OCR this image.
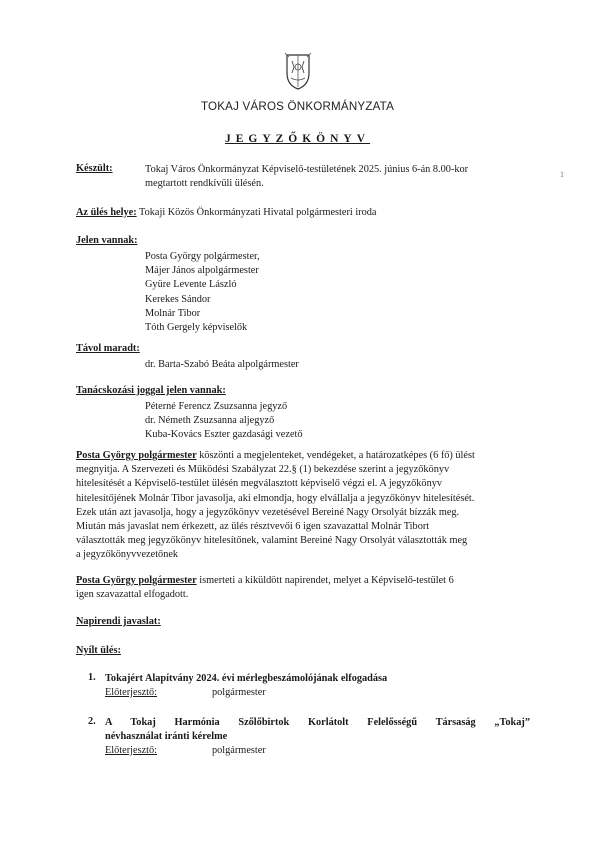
TOKAJ VÁROS ÖNKORMÁNYZATA
JEGYZŐKÖNYV
Készült:	Tokaj Város Önkormányzat Képviselő-testületének 2025. június 6-án 8.00-kor
megtartott rendkívüli ülésén.
1
Az ülés helye: Tokaji Közös Önkormányzati Hivatal polgármesteri iroda
Jelen vannak:
Posta György polgármester,
Májer János alpolgármester
Gyüre Levente László
Kerekes Sándor
Molnár Tibor
Tóth Gergely képviselők
Távol maradt:
dr. Barta-Szabó Beáta alpolgármester
Tanácskozási joggal jelen vannak:
Péterné Ferencz Zsuzsanna jegyző
dr. Németh Zsuzsanna aljegyző
Kuba-Kovács Eszter gazdasági vezető
Posta György polgármester köszönti a megjelenteket, vendégeket, a határozatképes (6 fő) ülést
megnyitja. A Szervezeti és Működési Szabályzat 22.§ (1) bekezdése szerint a jegyzőkönyv
hitelesítését a Képviselő-testület ülésén megválasztott képviselő végzi el. A jegyzőkönyv
hitelesítőjének Molnár Tibor javasolja, aki elmondja, hogy elvállalja a jegyzőkönyv hitelesítését.
Ezek után azt javasolja, hogy a jegyzőkönyv vezetésével Bereiné Nagy Orsolyát bízzák meg.
Miután más javaslat nem érkezett, az ülés résztvevői 6 igen szavazattal Molnár Tibort
választották meg jegyzőkönyv hitelesítőnek, valamint Bereiné Nagy Orsolyát választották meg
a jegyzőkönyvvezetőnek
Posta György polgármester ismerteti a kiküldött napirendet, melyet a Képviselő-testület 6
igen szavazattal elfogadott.
Napirendi javaslat:
Nyílt ülés:
1. Tokajért Alapítvány 2024. évi mérlegbeszámolójának elfogadása
Előterjesztő:	polgármester
2. A Tokaj Harmónia Szőlőbirtok Korlátolt Felelősségű Társaság „Tokaj”
névhasználat iránti kérelme
Előterjesztő:	polgármester
